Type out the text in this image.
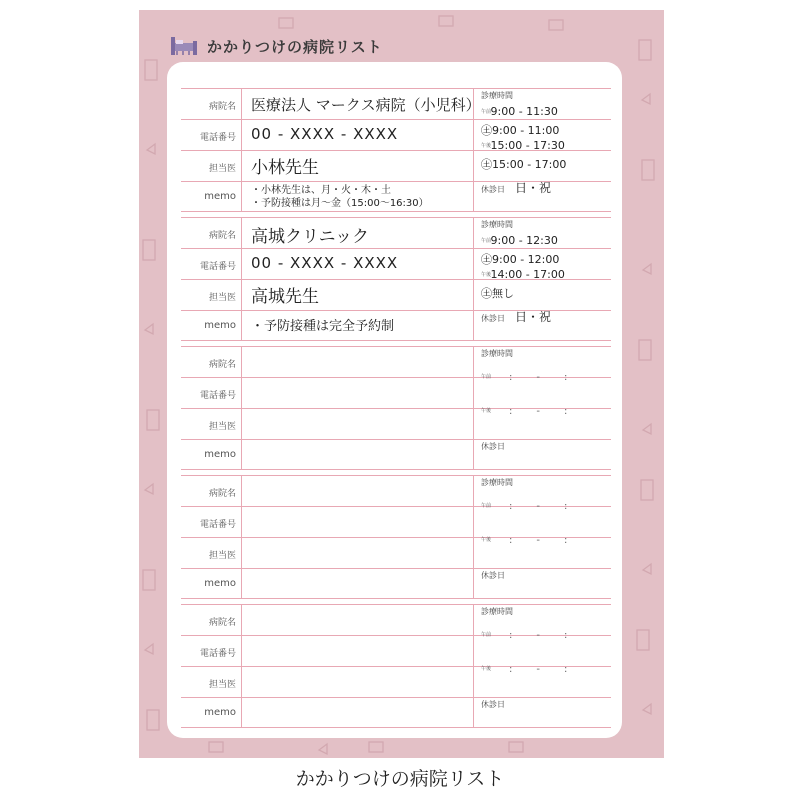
かかりつけの病院リスト
病院名
電話番号
担当医
memo
医療法人 マークス病院（小児科）
00 - XXXX - XXXX
小林先生
・小林先生は、月・火・木・土
・予防接種は月～金（15:00～16:30）
診療時間
午前 9:00 - 11:30
㊏9:00 - 11:00
午後 15:00 - 17:30
㊏15:00 - 17:00
休診日 日・祝
病院名
電話番号
担当医
memo
高城クリニック
00 - XXXX - XXXX
高城先生
・予防接種は完全予約制
診療時間
午前 9:00 - 12:30
㊏9:00 - 12:00
午後 14:00 - 17:00
㊏無し
休診日 日・祝
病院名
電話番号
担当医
memo
診療時間
午前 : - :
午後 : - :
休診日
病院名
電話番号
担当医
memo
診療時間
午前 : - :
午後 : - :
休診日
病院名
電話番号
担当医
memo
診療時間
午前 : - :
午後 : - :
休診日
かかりつけの病院リスト
